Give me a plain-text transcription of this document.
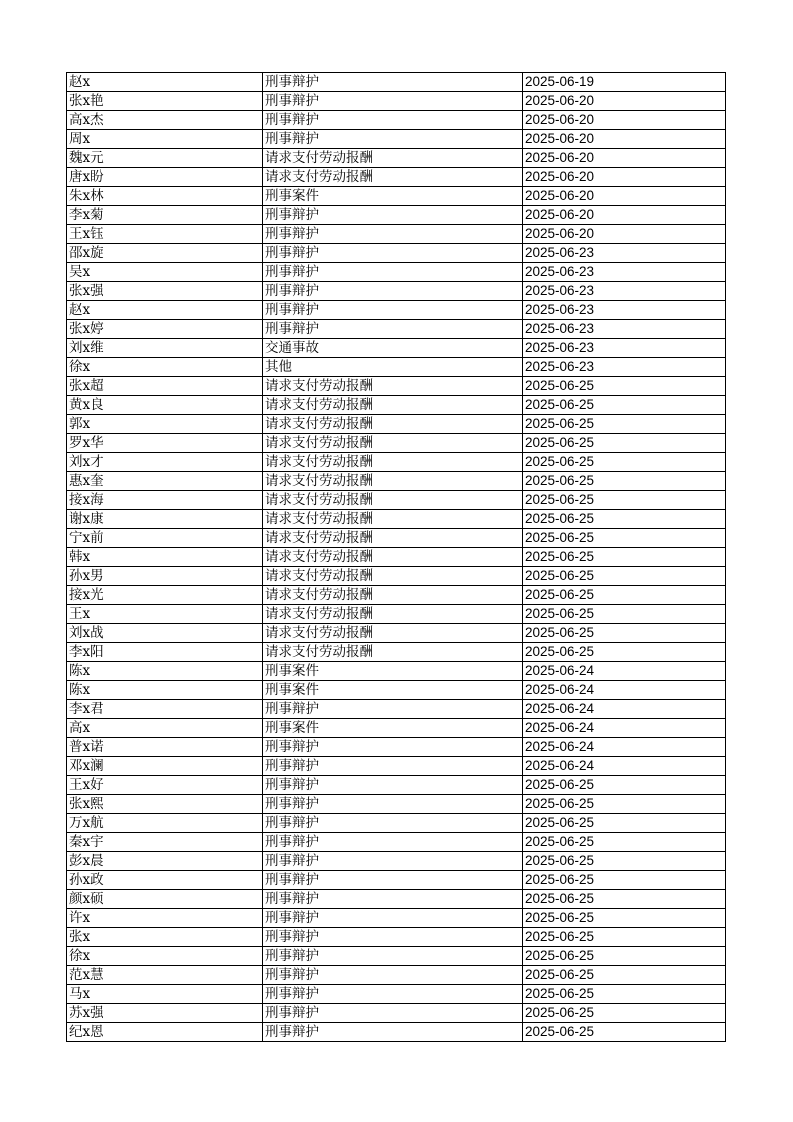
赵x	刑事辩护	2025-06-19
张x艳	刑事辩护	2025-06-20
高x杰	刑事辩护	2025-06-20
周x	刑事辩护	2025-06-20
魏x元	请求支付劳动报酬	2025-06-20
唐x盼	请求支付劳动报酬	2025-06-20
朱x林	刑事案件	2025-06-20
李x菊	刑事辩护	2025-06-20
王x钰	刑事辩护	2025-06-20
邵x旋	刑事辩护	2025-06-23
吴x	刑事辩护	2025-06-23
张x强	刑事辩护	2025-06-23
赵x	刑事辩护	2025-06-23
张x婷	刑事辩护	2025-06-23
刘x维	交通事故	2025-06-23
徐x	其他	2025-06-23
张x超	请求支付劳动报酬	2025-06-25
黄x良	请求支付劳动报酬	2025-06-25
郭x	请求支付劳动报酬	2025-06-25
罗x华	请求支付劳动报酬	2025-06-25
刘x才	请求支付劳动报酬	2025-06-25
惠x奎	请求支付劳动报酬	2025-06-25
接x海	请求支付劳动报酬	2025-06-25
谢x康	请求支付劳动报酬	2025-06-25
宁x前	请求支付劳动报酬	2025-06-25
韩x	请求支付劳动报酬	2025-06-25
孙x男	请求支付劳动报酬	2025-06-25
接x光	请求支付劳动报酬	2025-06-25
王x	请求支付劳动报酬	2025-06-25
刘x战	请求支付劳动报酬	2025-06-25
李x阳	请求支付劳动报酬	2025-06-25
陈x	刑事案件	2025-06-24
陈x	刑事案件	2025-06-24
李x君	刑事辩护	2025-06-24
高x	刑事案件	2025-06-24
普x诺	刑事辩护	2025-06-24
邓x澜	刑事辩护	2025-06-24
王x好	刑事辩护	2025-06-25
张x熙	刑事辩护	2025-06-25
万x航	刑事辩护	2025-06-25
秦x宇	刑事辩护	2025-06-25
彭x晨	刑事辩护	2025-06-25
孙x政	刑事辩护	2025-06-25
颜x硕	刑事辩护	2025-06-25
许x	刑事辩护	2025-06-25
张x	刑事辩护	2025-06-25
徐x	刑事辩护	2025-06-25
范x慧	刑事辩护	2025-06-25
马x	刑事辩护	2025-06-25
苏x强	刑事辩护	2025-06-25
纪x恩	刑事辩护	2025-06-25
